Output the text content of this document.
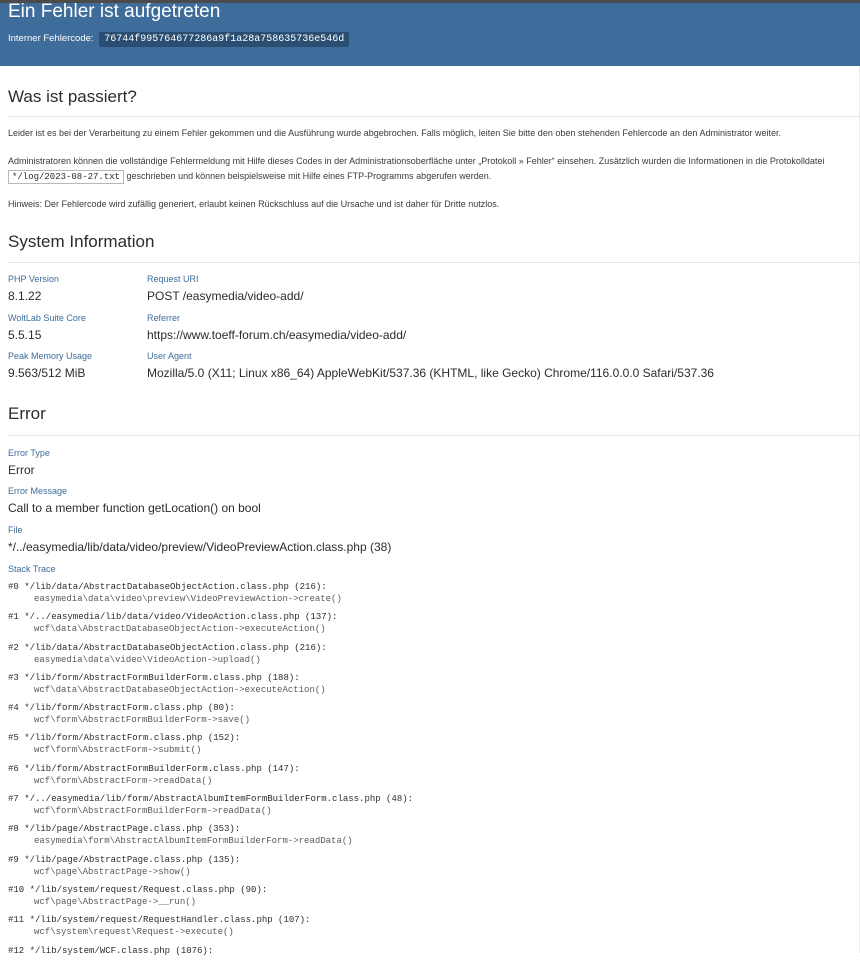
Ein Fehler ist aufgetreten
Interner Fehlercode: 76744f995764677286a9f1a28a758635736e546d
Was ist passiert?

Leider ist es bei der Verarbeitung zu einem Fehler gekommen und die Ausführung wurde abgebrochen. Falls möglich, leiten Sie bitte den oben stehenden Fehlercode an den Administrator weiter.

Administratoren können die vollständige Fehlermeldung mit Hilfe dieses Codes in der Administrationsoberfläche unter „Protokoll » Fehler“ einsehen. Zusätzlich wurden die Informationen in die Protokolldatei
*/log/2023-08-27.txt geschrieben und können beispielsweise mit Hilfe eines FTP-Programms abgerufen werden.

Hinweis: Der Fehlercode wird zufällig generiert, erlaubt keinen Rückschluss auf die Ursache und ist daher für Dritte nutzlos.

System Information
PHP Version
8.1.22
Request URI
POST /easymedia/video-add/
WoltLab Suite Core
5.5.15
Referrer
https://www.toeff-forum.ch/easymedia/video-add/
Peak Memory Usage
9.563/512 MiB
User Agent
Mozilla/5.0 (X11; Linux x86_64) AppleWebKit/537.36 (KHTML, like Gecko) Chrome/116.0.0.0 Safari/537.36
Error
Error Type
Error
Error Message
Call to a member function getLocation() on bool
File
*/../easymedia/lib/data/video/preview/VideoPreviewAction.class.php (38)
Stack Trace
#0 */lib/data/AbstractDatabaseObjectAction.class.php (216):
easymedia\data\video\preview\VideoPreviewAction->create()
#1 */../easymedia/lib/data/video/VideoAction.class.php (137):
wcf\data\AbstractDatabaseObjectAction->executeAction()
#2 */lib/data/AbstractDatabaseObjectAction.class.php (216):
easymedia\data\video\VideoAction->upload()
#3 */lib/form/AbstractFormBuilderForm.class.php (188):
wcf\data\AbstractDatabaseObjectAction->executeAction()
#4 */lib/form/AbstractForm.class.php (80):
wcf\form\AbstractFormBuilderForm->save()
#5 */lib/form/AbstractForm.class.php (152):
wcf\form\AbstractForm->submit()
#6 */lib/form/AbstractFormBuilderForm.class.php (147):
wcf\form\AbstractForm->readData()
#7 */../easymedia/lib/form/AbstractAlbumItemFormBuilderForm.class.php (48):
wcf\form\AbstractFormBuilderForm->readData()
#8 */lib/page/AbstractPage.class.php (353):
easymedia\form\AbstractAlbumItemFormBuilderForm->readData()
#9 */lib/page/AbstractPage.class.php (135):
wcf\page\AbstractPage->show()
#10 */lib/system/request/Request.class.php (90):
wcf\page\AbstractPage->__run()
#11 */lib/system/request/RequestHandler.class.php (107):
wcf\system\request\Request->execute()
#12 */lib/system/WCF.class.php (1076):
